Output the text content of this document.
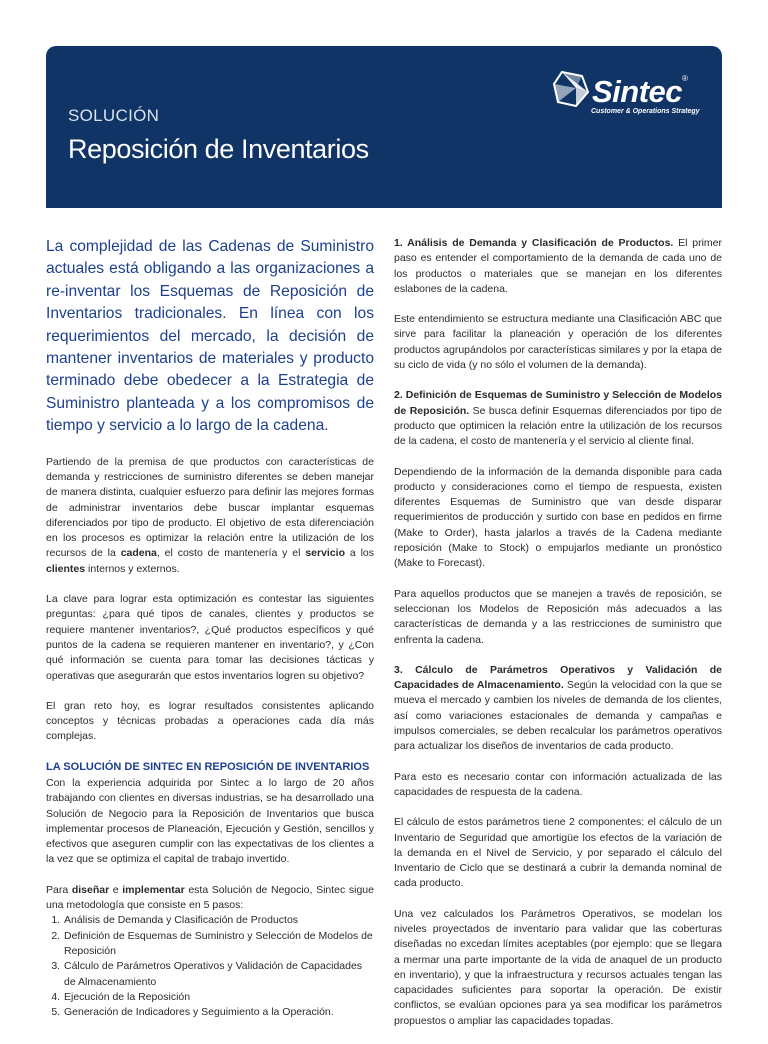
Sintec®
Customer & Operations Strategy
SOLUCIÓN
Reposición de Inventarios

La complejidad de las Cadenas de Suministro actuales está obligando a las organizaciones a re-inventar los Esquemas de Reposición de Inventarios tradicionales. En línea con los requerimientos del mercado, la decisión de mantener inventarios de materiales y producto terminado debe obedecer a la Estrategia de Suministro planteada y a los compromisos de tiempo y servicio a lo largo de la cadena.

Partiendo de la premisa de que productos con características de demanda y restricciones de suministro diferentes se deben manejar de manera distinta, cualquier esfuerzo para definir las mejores formas de administrar inventarios debe buscar implantar esquemas diferenciados por tipo de producto. El objetivo de esta diferenciación en los procesos es optimizar la relación entre la utilización de los recursos de la cadena, el costo de mantenería y el servicio a los clientes internos y externos.

La clave para lograr esta optimización es contestar las siguientes preguntas: ¿para qué tipos de canales, clientes y productos se requiere mantener inventarios?, ¿Qué productos específicos y qué puntos de la cadena se requieren mantener en inventario?, y ¿Con qué información se cuenta para tomar las decisiones tácticas y operativas que asegurarán que estos inventarios logren su objetivo?

El gran reto hoy, es lograr resultados consistentes aplicando conceptos y técnicas probadas a operaciones cada día más complejas.

LA SOLUCIÓN DE SINTEC EN REPOSICIÓN DE INVENTARIOS

Con la experiencia adquirida por Sintec a lo largo de 20 años trabajando con clientes en diversas industrias, se ha desarrollado una Solución de Negocio para la Reposición de Inventarios que busca implementar procesos de Planeación, Ejecución y Gestión, sencillos y efectivos que aseguren cumplir con las expectativas de los clientes a la vez que se optimiza el capital de trabajo invertido.

Para diseñar e implementar esta Solución de Negocio, Sintec sigue una metodología que consiste en 5 pasos:

1. Análisis de Demanda y Clasificación de Productos
2. Definición de Esquemas de Suministro y Selección de Modelos de Reposición
3. Cálculo de Parámetros Operativos y Validación de Capacidades de Almacenamiento
4. Ejecución de la Reposición
5. Generación de Indicadores y Seguimiento a la Operación.

1. Análisis de Demanda y Clasificación de Productos. El primer paso es entender el comportamiento de la demanda de cada uno de los productos o materiales que se manejan en los diferentes eslabones de la cadena.

Este entendimiento se estructura mediante una Clasificación ABC que sirve para facilitar la planeación y operación de los diferentes productos agrupándolos por características similares y por la etapa de su ciclo de vida (y no sólo el volumen de la demanda).

2. Definición de Esquemas de Suministro y Selección de Modelos de Reposición. Se busca definir Esquemas diferenciados por tipo de producto que optimicen la relación entre la utilización de los recursos de la cadena, el costo de mantenería y el servicio al cliente final.

Dependiendo de la información de la demanda disponible para cada producto y consideraciones como el tiempo de respuesta, existen diferentes Esquemas de Suministro que van desde disparar requerimientos de producción y surtido con base en pedidos en firme (Make to Order), hasta jalarlos a través de la Cadena mediante reposición (Make to Stock) o empujarlos mediante un pronóstico (Make to Forecast).

Para aquellos productos que se manejen a través de reposición, se seleccionan los Modelos de Reposición más adecuados a las características de demanda y a las restricciones de suministro que enfrenta la cadena.

3. Cálculo de Parámetros Operativos y Validación de Capacidades de Almacenamiento. Según la velocidad con la que se mueva el mercado y cambien los niveles de demanda de los clientes, así como variaciones estacionales de demanda y campañas e impulsos comerciales, se deben recalcular los parámetros operativos para actualizar los diseños de inventarios de cada producto.

Para esto es necesario contar con información actualizada de las capacidades de respuesta de la cadena.

El cálculo de estos parámetros tiene 2 componentes: el cálculo de un Inventario de Seguridad que amortigüe los efectos de la variación de la demanda en el Nivel de Servicio, y por separado el cálculo del Inventario de Ciclo que se destinará a cubrir la demanda nominal de cada producto.

Una vez calculados los Parámetros Operativos, se modelan los niveles proyectados de inventario para validar que las coberturas diseñadas no excedan límites aceptables (por ejemplo: que se llegara a mermar una parte importante de la vida de anaquel de un producto en inventario), y que la infraestructura y recursos actuales tengan las capacidades suficientes para soportar la operación. De existir conflictos, se evalúan opciones para ya sea modificar los parámetros propuestos o ampliar las capacidades topadas.
